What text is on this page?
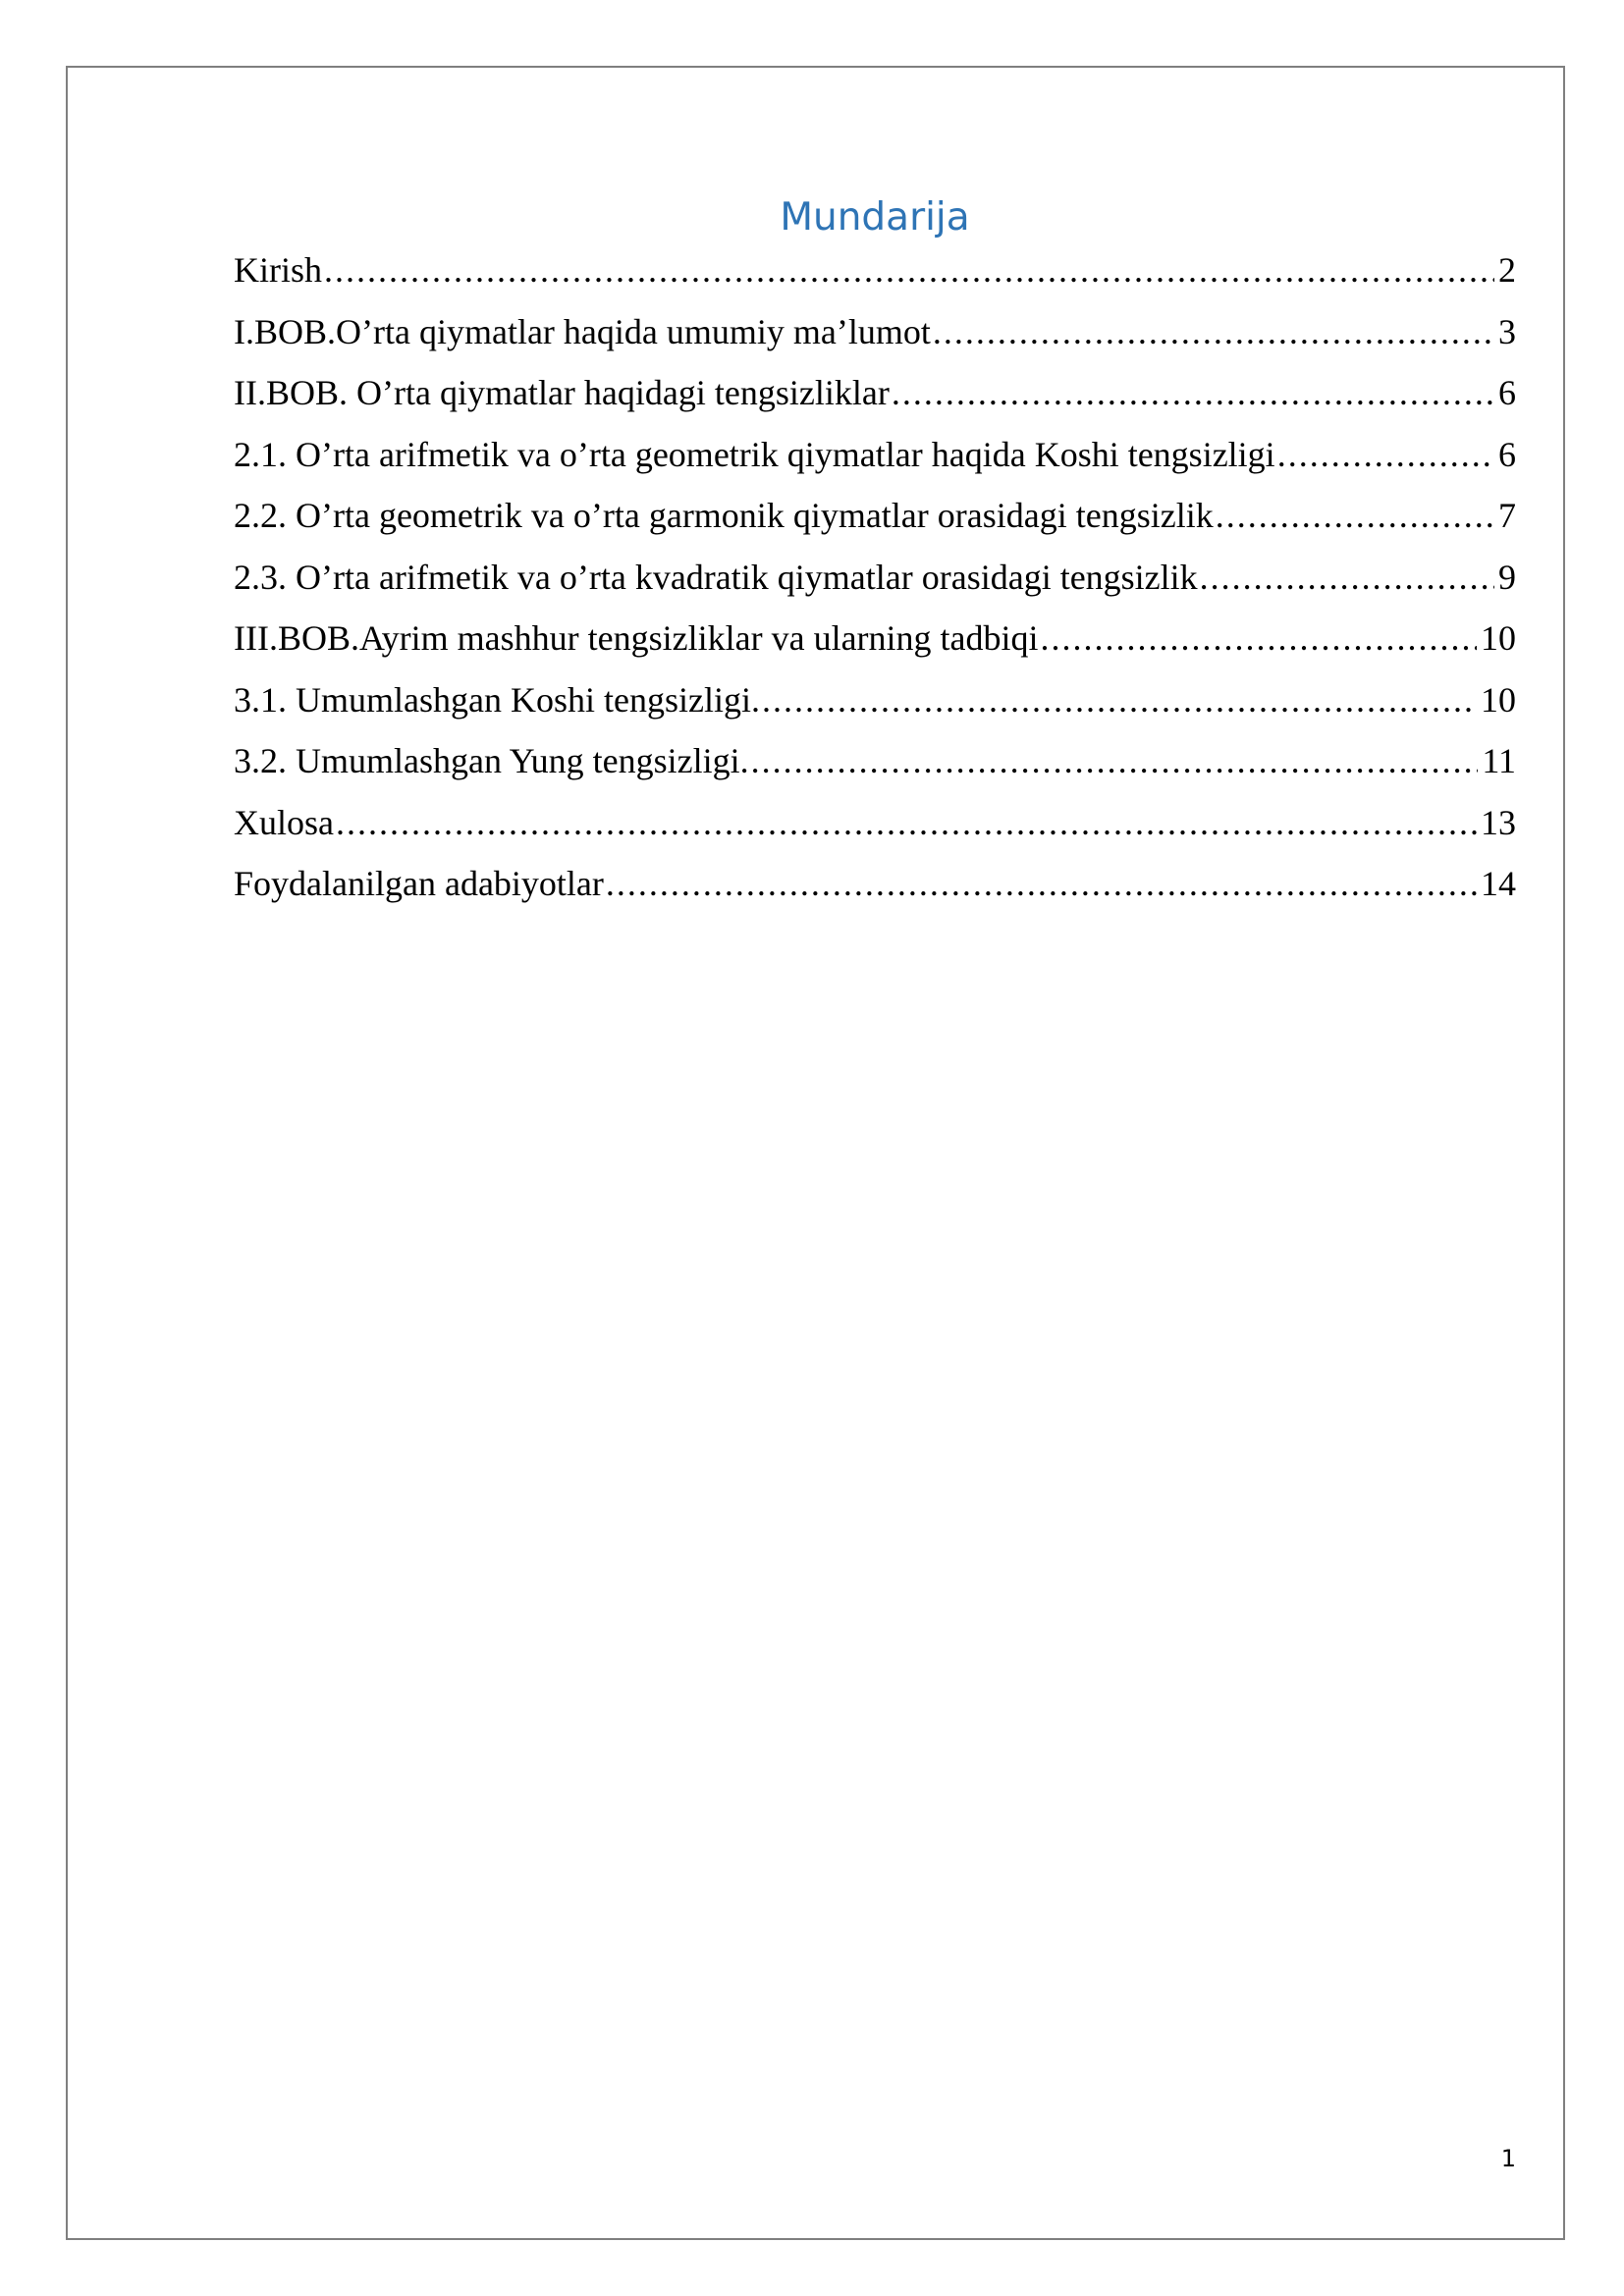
Mundarija
Kirish .....	2
I.BOB.O’rta qiymatlar haqida umumiy ma’lumot .....	3
II.BOB. O’rta qiymatlar haqidagi tengsizliklar .....	6
2.1. O’rta arifmetik va o’rta geometrik qiymatlar haqida Koshi tengsizligi .....	6
2.2. O’rta geometrik va o’rta garmonik qiymatlar orasidagi tengsizlik .....	7
2.3. O’rta arifmetik va o’rta kvadratik qiymatlar orasidagi tengsizlik .....	9
III.BOB.Ayrim mashhur tengsizliklar va ularning tadbiqi .....	10
3.1. Umumlashgan Koshi tengsizligi. .....	10
3.2. Umumlashgan Yung tengsizligi. .....	11
Xulosa .....	13
Foydalanilgan adabiyotlar .....	14
1
